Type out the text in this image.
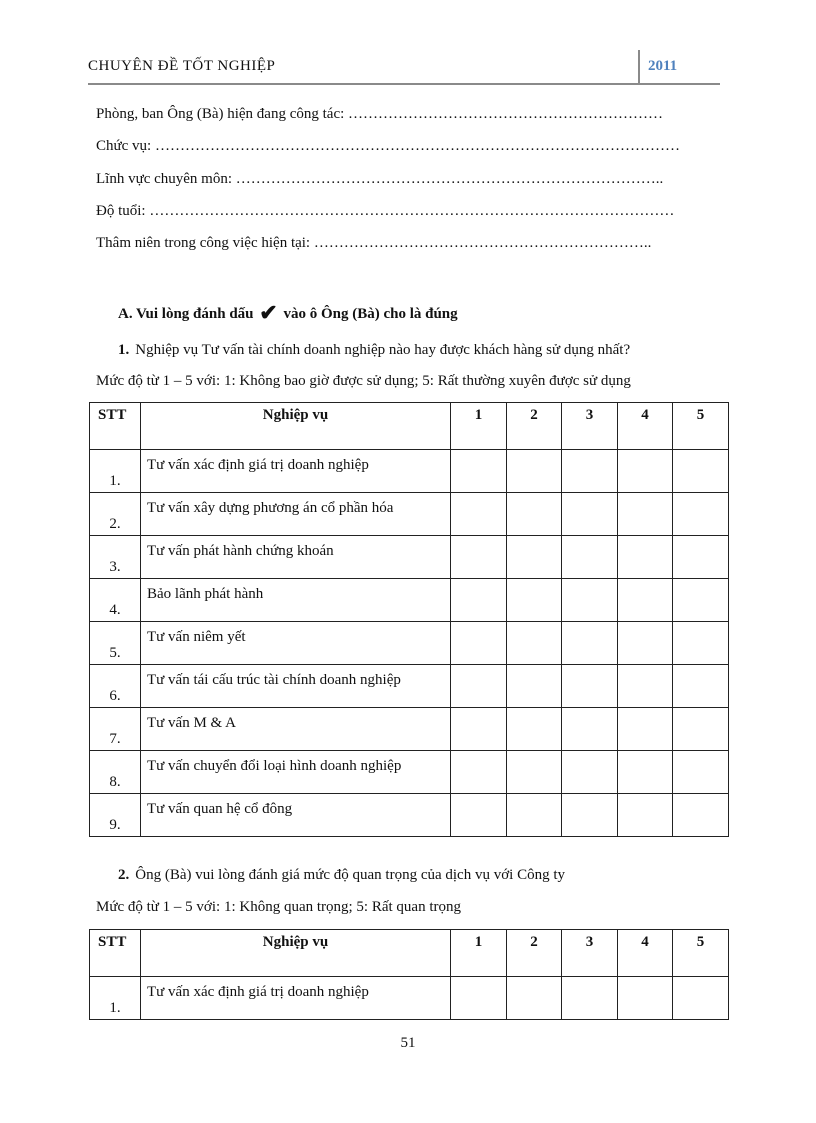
CHUYÊN ĐỀ TỐT NGHIỆP	2011
Phòng, ban Ông (Bà) hiện đang công tác: ………………………………………………………
Chức vụ: ……………………………………………………………………………………………
Lĩnh vực chuyên môn: …………………………………………………………………………..
Độ tuổi: ……………………………………………………………………………………………
Thâm niên trong công việc hiện tại: …………………………………………………………..
A. Vui lòng đánh dấu ✔ vào ô Ông (Bà) cho là đúng
1. Nghiệp vụ Tư vấn tài chính doanh nghiệp nào hay được khách hàng sử dụng nhất?
Mức độ từ 1 – 5 với: 1: Không bao giờ được sử dụng; 5: Rất thường xuyên được sử dụng
STT	Nghiệp vụ	1	2	3	4	5
1.	Tư vấn xác định giá trị doanh nghiệp					
2.	Tư vấn xây dựng phương án cổ phần hóa					
3.	Tư vấn phát hành chứng khoán					
4.	Bảo lãnh phát hành					
5.	Tư vấn niêm yết					
6.	Tư vấn tái cấu trúc tài chính doanh nghiệp					
7.	Tư vấn M & A					
8.	Tư vấn chuyển đổi loại hình doanh nghiệp					
9.	Tư vấn quan hệ cổ đông					
2. Ông (Bà) vui lòng đánh giá mức độ quan trọng của dịch vụ với Công ty
Mức độ từ 1 – 5 với: 1: Không quan trọng; 5: Rất quan trọng
STT	Nghiệp vụ	1	2	3	4	5
1.	Tư vấn xác định giá trị doanh nghiệp					
51
